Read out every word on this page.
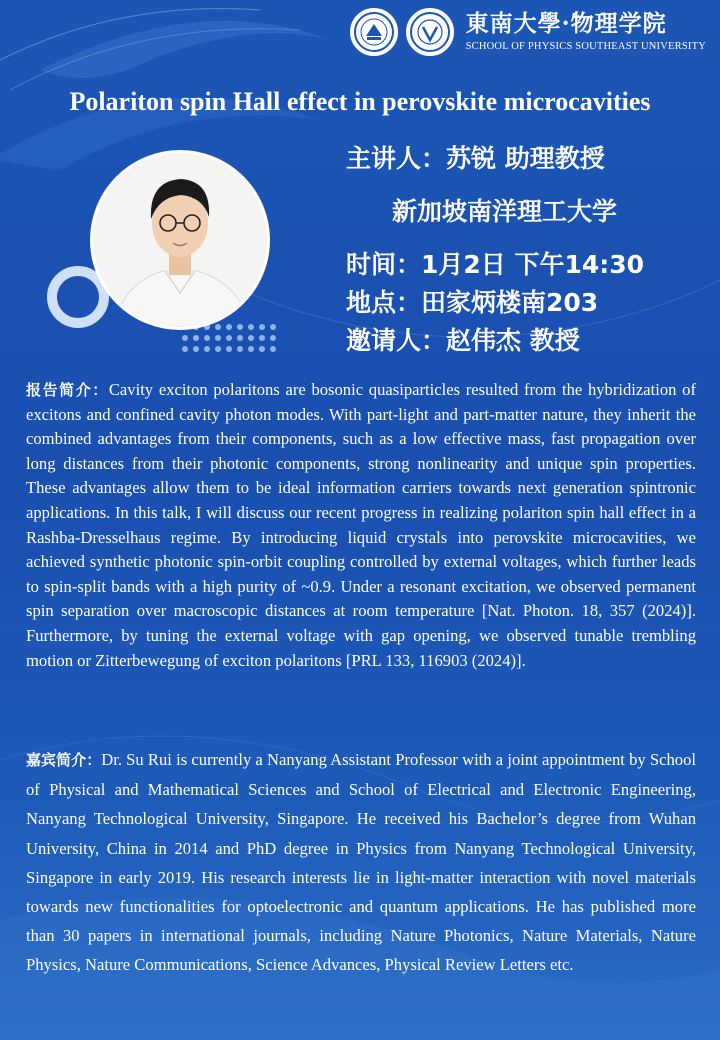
東南大學·物理学院
SCHOOL OF PHYSICS SOUTHEAST UNIVERSITY
Polariton spin Hall effect in perovskite microcavities
主讲人：苏锐 助理教授
新加坡南洋理工大学
时间：1月2日 下午14:30
地点：田家炳楼南203
邀请人：赵伟杰 教授
报告简介：Cavity exciton polaritons are bosonic quasiparticles resulted from the hybridization of excitons and confined cavity photon modes. With part-light and part-matter nature, they inherit the combined advantages from their components, such as a low effective mass, fast propagation over long distances from their photonic components, strong nonlinearity and unique spin properties. These advantages allow them to be ideal information carriers towards next generation spintronic applications. In this talk, I will discuss our recent progress in realizing polariton spin hall effect in a Rashba-Dresselhaus regime. By introducing liquid crystals into perovskite microcavities, we achieved synthetic photonic spin-orbit coupling controlled by external voltages, which further leads to spin-split bands with a high purity of ~0.9. Under a resonant excitation, we observed permanent spin separation over macroscopic distances at room temperature [Nat. Photon. 18, 357 (2024)]. Furthermore, by tuning the external voltage with gap opening, we observed tunable trembling motion or Zitterbewegung of exciton polaritons [PRL 133, 116903 (2024)].
嘉宾简介：Dr. Su Rui is currently a Nanyang Assistant Professor with a joint appointment by School of Physical and Mathematical Sciences and School of Electrical and Electronic Engineering, Nanyang Technological University, Singapore. He received his Bachelor’s degree from Wuhan University, China in 2014 and PhD degree in Physics from Nanyang Technological University, Singapore in early 2019. His research interests lie in light-matter interaction with novel materials towards new functionalities for optoelectronic and quantum applications. He has published more than 30 papers in international journals, including Nature Photonics, Nature Materials, Nature Physics, Nature Communications, Science Advances, Physical Review Letters etc.
